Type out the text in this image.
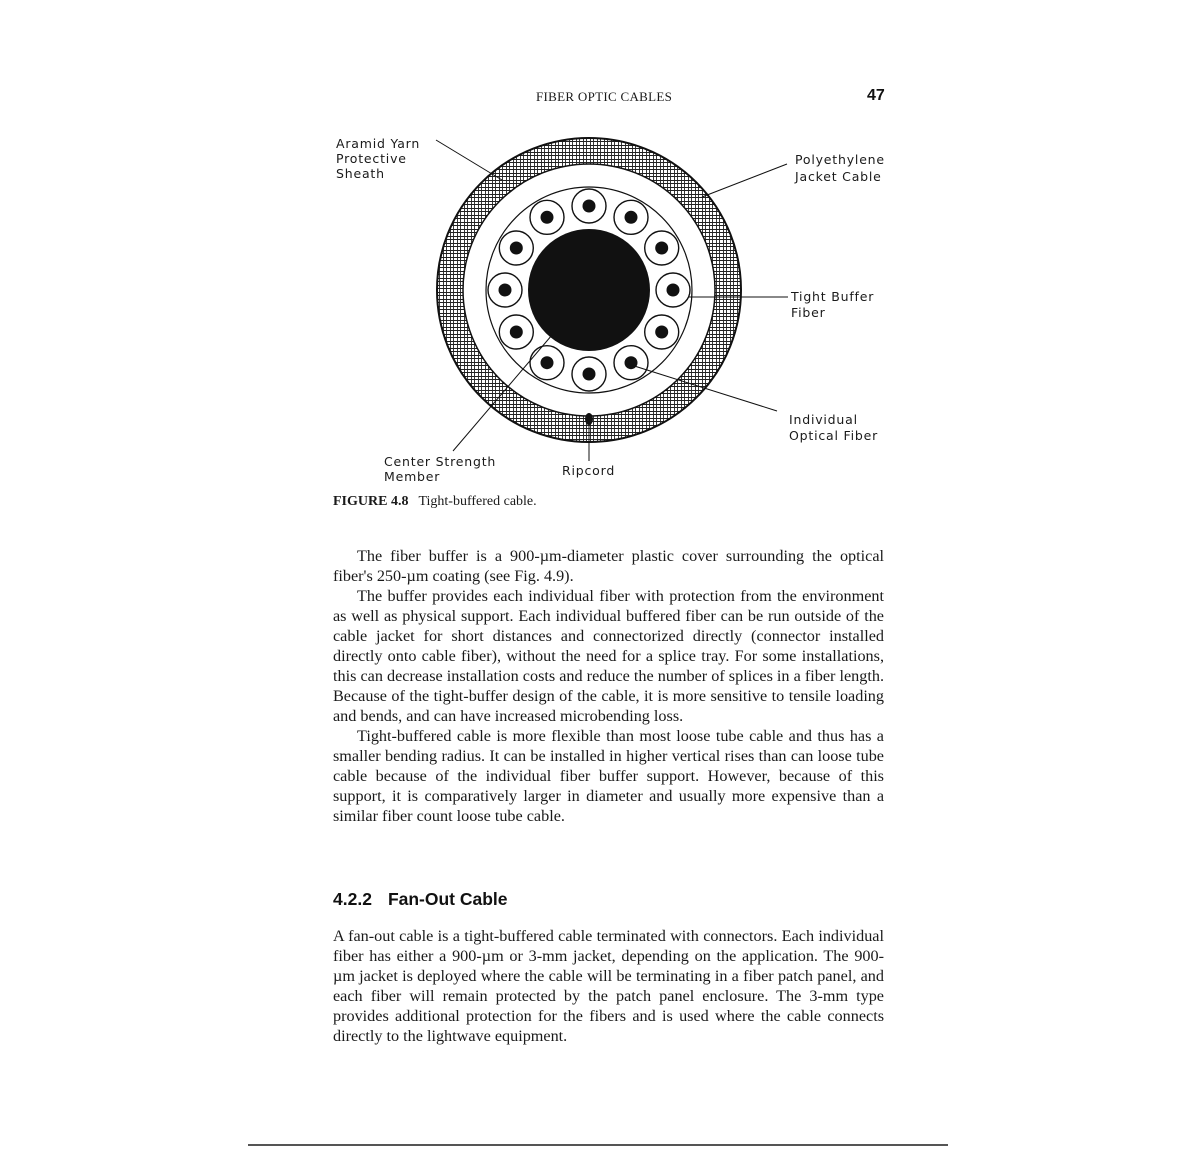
FIBER OPTIC CABLES	47
Aramid Yarn
Protective
Sheath
Polyethylene
Jacket Cable
Tight Buffer
Fiber
Individual
Optical Fiber
Center Strength
Member	Ripcord
FIGURE 4.8 Tight-buffered cable.

The fiber buffer is a 900-µm-diameter plastic cover surrounding the optical fiber's 250-µm coating (see Fig. 4.9).

The buffer provides each individual fiber with protection from the environment as well as physical support. Each individual buffered fiber can be run outside of the cable jacket for short distances and connectorized directly (connector installed directly onto cable fiber), without the need for a splice tray. For some installations, this can decrease installation costs and reduce the number of splices in a fiber length. Because of the tight-buffer design of the cable, it is more sensitive to tensile loading and bends, and can have increased microbending loss.

Tight-buffered cable is more flexible than most loose tube cable and thus has a smaller bending radius. It can be installed in higher vertical rises than can loose tube cable because of the individual fiber buffer support. However, because of this support, it is comparatively larger in diameter and usually more expensive than a similar fiber count loose tube cable.

4.2.2 Fan-Out Cable

A fan-out cable is a tight-buffered cable terminated with connectors. Each individual fiber has either a 900-µm or 3-mm jacket, depending on the application. The 900-µm jacket is deployed where the cable will be terminating in a fiber patch panel, and each fiber will remain protected by the patch panel enclosure. The 3-mm type provides additional protection for the fibers and is used where the cable connects directly to the lightwave equipment.
